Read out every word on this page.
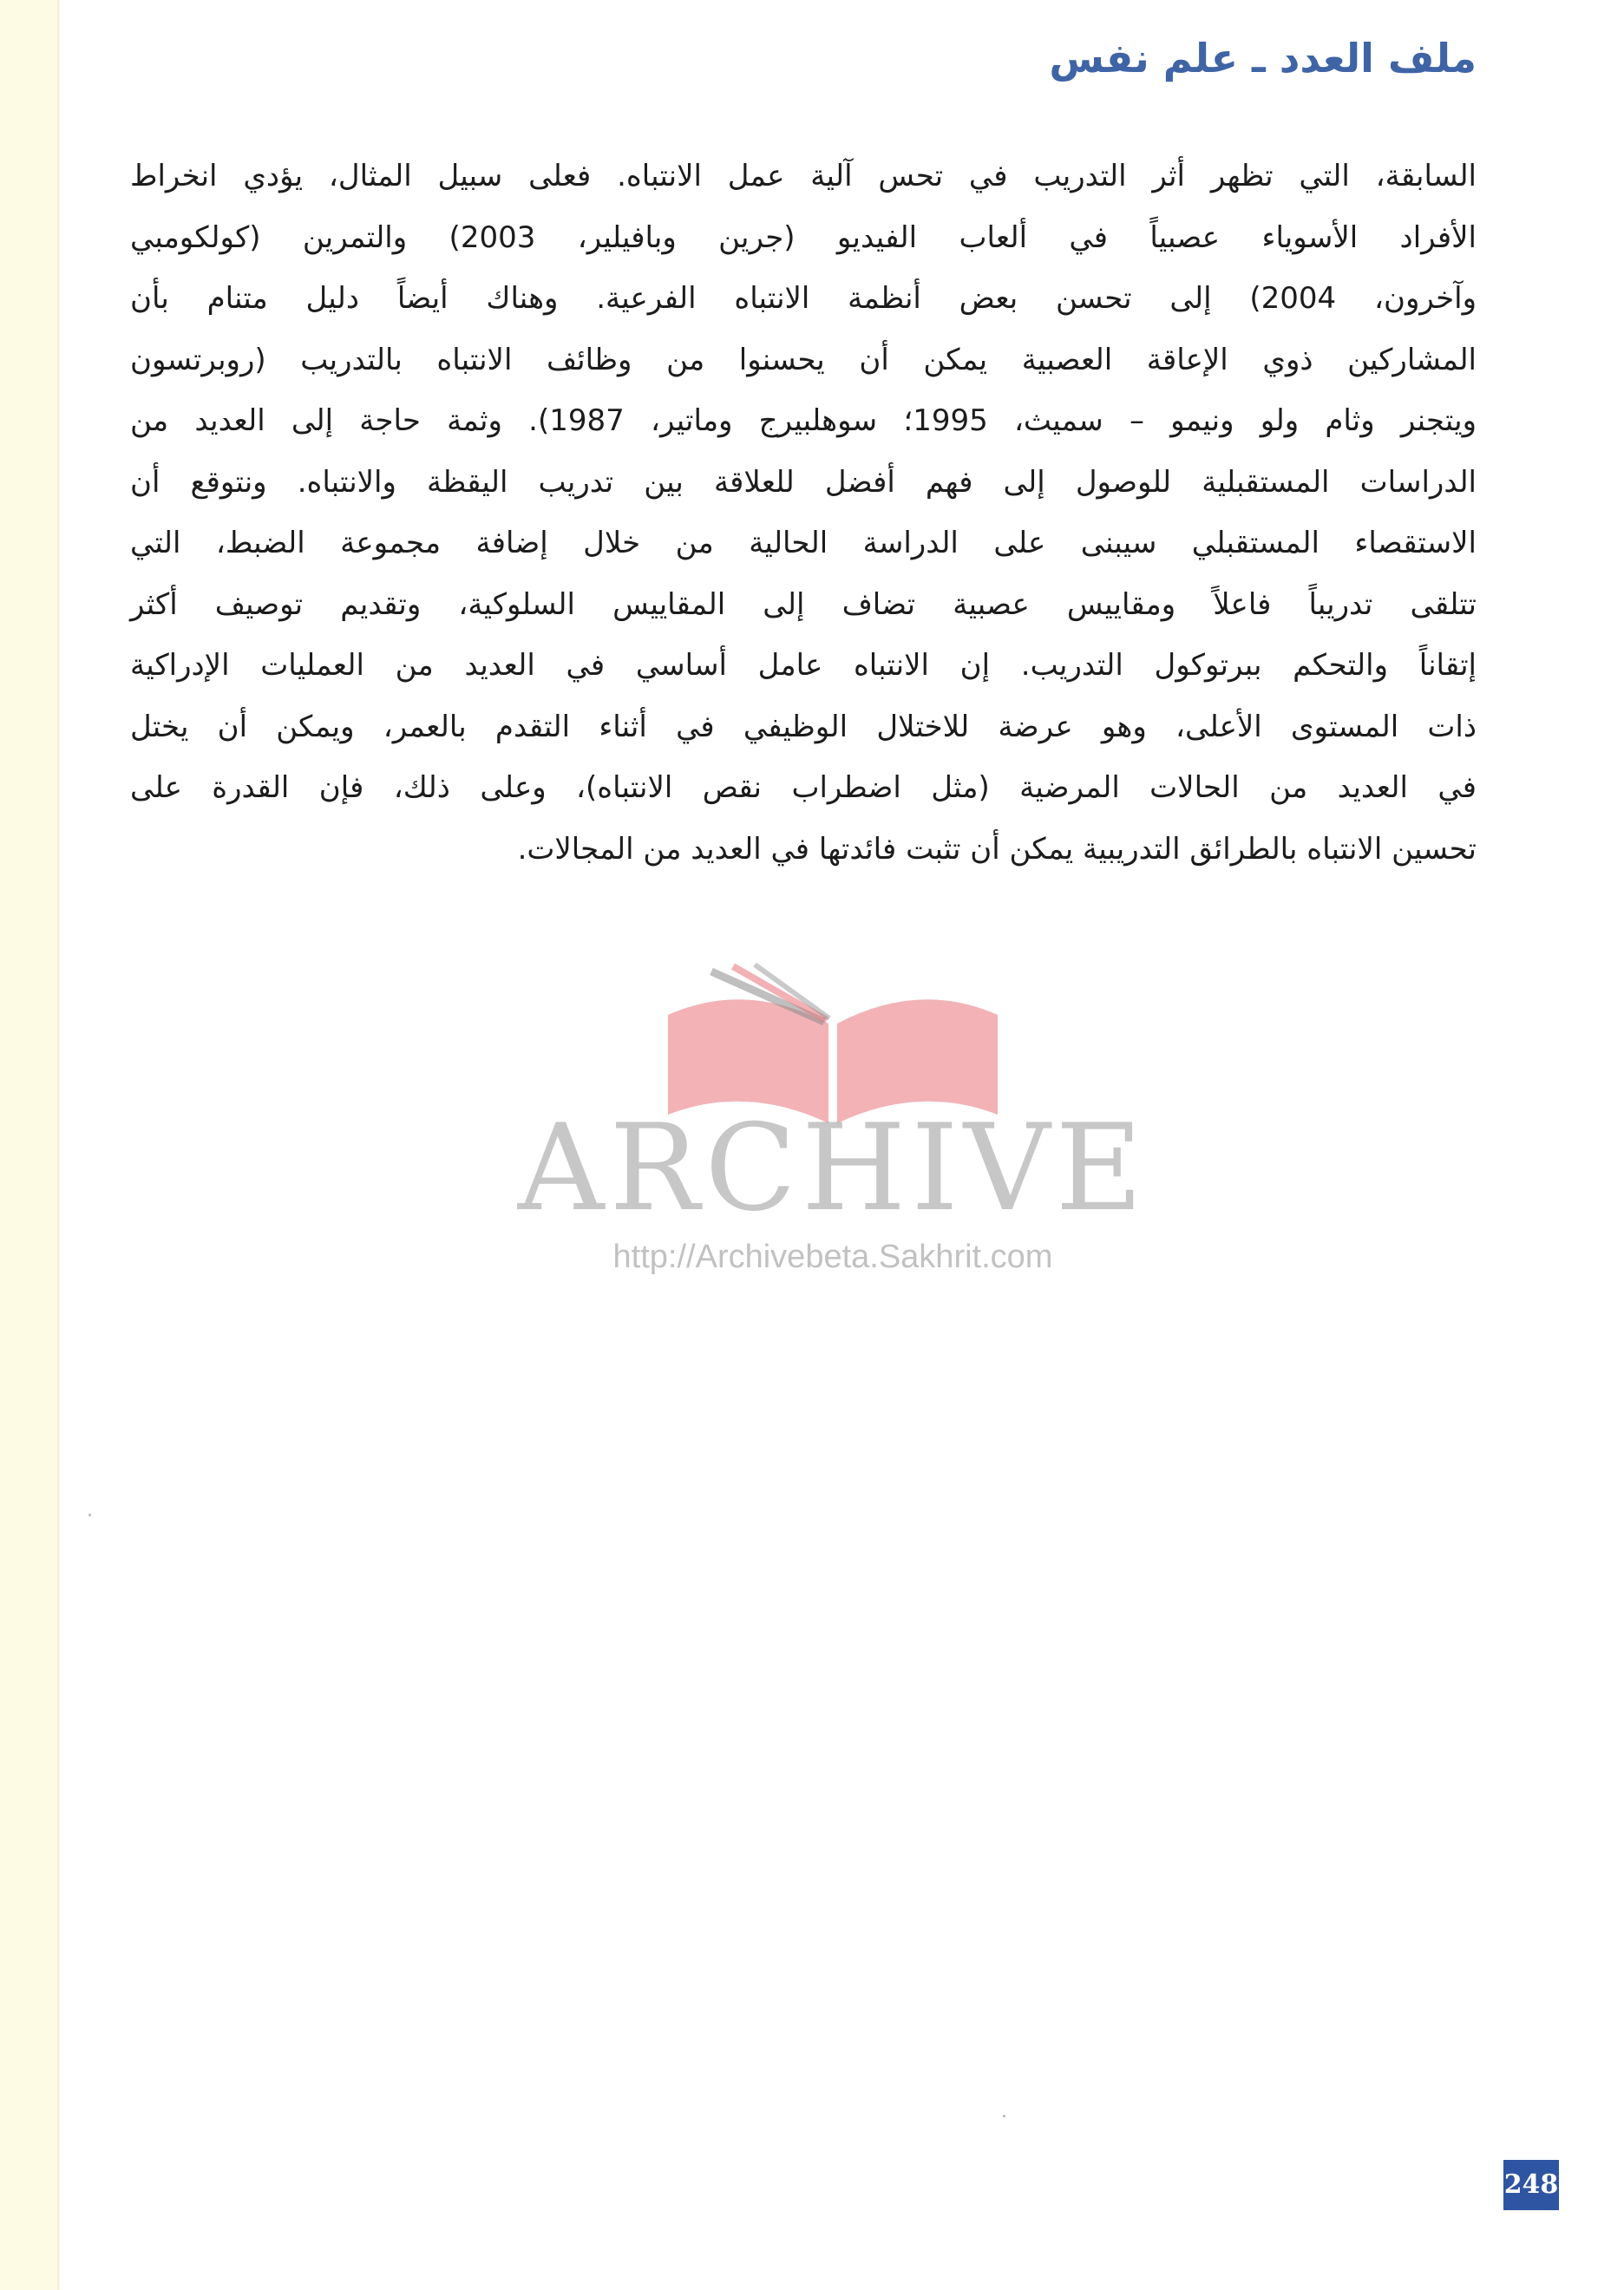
ملف العدد ـ علم نفس
السابقة، التي تظهر أثر التدريب في تحس آلية عمل الانتباه. فعلى سبيل المثال، يؤدي انخراط
الأفراد الأسوياء عصبياً في ألعاب الفيديو (جرين وبافيلير، 2003) والتمرين (كولكومبي
وآخرون، 2004) إلى تحسن بعض أنظمة الانتباه الفرعية. وهناك أيضاً دليل متنام بأن
المشاركين ذوي الإعاقة العصبية يمكن أن يحسنوا من وظائف الانتباه بالتدريب (روبرتسون
ويتجنر وثام ولو ونيمو – سميث، 1995؛ سوهلبيرج وماتير، 1987). وثمة حاجة إلى العديد من
الدراسات المستقبلية للوصول إلى فهم أفضل للعلاقة بين تدريب اليقظة والانتباه. ونتوقع أن
الاستقصاء المستقبلي سيبنى على الدراسة الحالية من خلال إضافة مجموعة الضبط، التي
تتلقى تدريباً فاعلاً ومقاييس عصبية تضاف إلى المقاييس السلوكية، وتقديم توصيف أكثر
إتقاناً والتحكم ببرتوكول التدريب. إن الانتباه عامل أساسي في العديد من العمليات الإدراكية
ذات المستوى الأعلى، وهو عرضة للاختلال الوظيفي في أثناء التقدم بالعمر، ويمكن أن يختل
في العديد من الحالات المرضية (مثل اضطراب نقص الانتباه)، وعلى ذلك، فإن القدرة على
تحسين الانتباه بالطرائق التدريبية يمكن أن تثبت فائدتها في العديد من المجالات.
ARCHIVE
http://Archivebeta.Sakhrit.com
248
